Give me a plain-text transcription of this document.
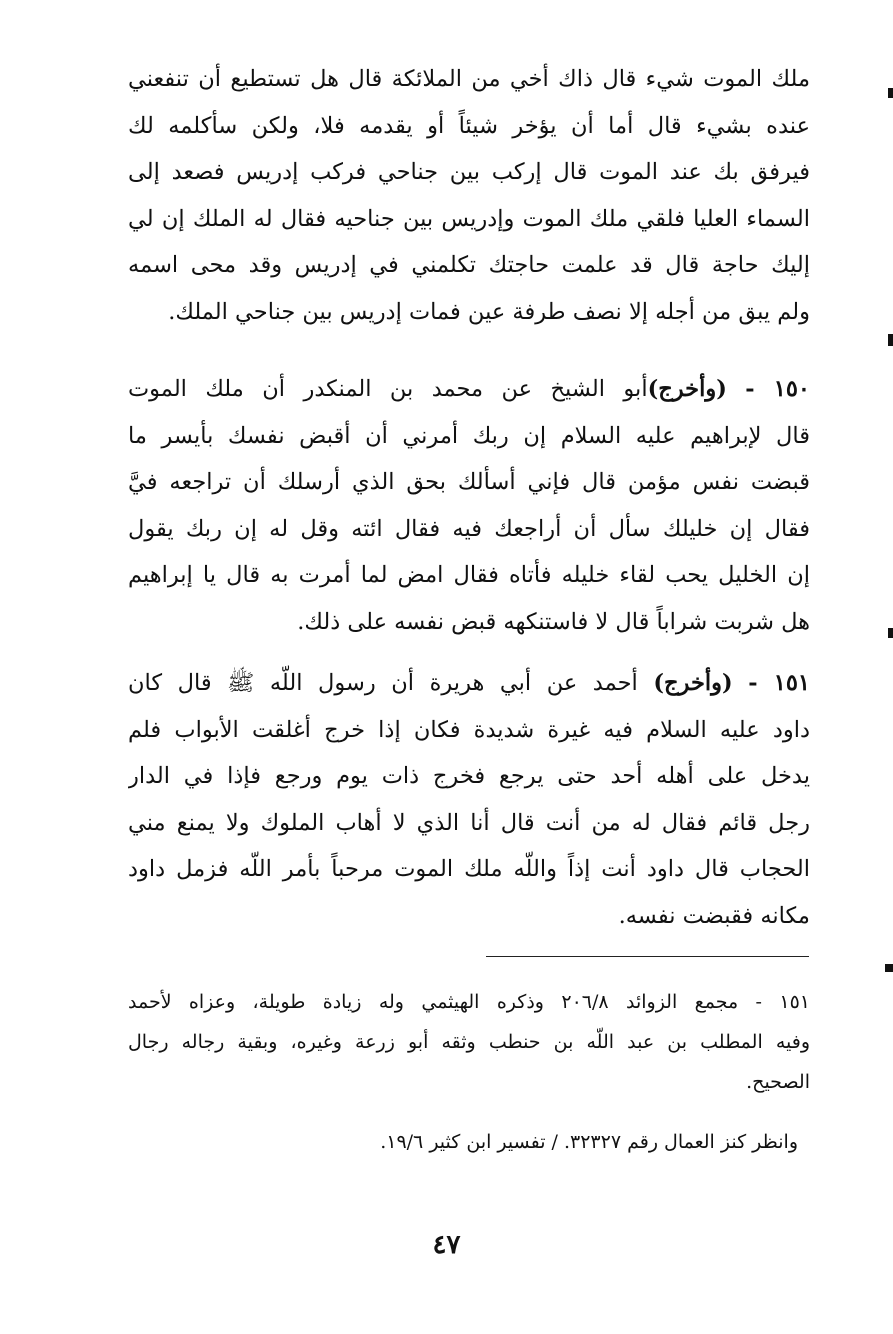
ملك الموت شيء قال ذاك أخي من الملائكة قال هل تستطيع أن تنفعني
عنده بشيء قال أما أن يؤخر شيئاً أو يقدمه فلا، ولكن سأكلمه لك
فيرفق بك عند الموت قال إركب بين جناحي فركب إدريس فصعد إلى
السماء العليا فلقي ملك الموت وإدريس بين جناحيه فقال له الملك إن لي
إليك حاجة قال قد علمت حاجتك تكلمني في إدريس وقد محى اسمه
ولم يبق من أجله إلا نصف طرفة عين فمات إدريس بين جناحي الملك.
١٥٠ - (وأخرج)أبو الشيخ عن محمد بن المنكدر أن ملك الموت
قال لإبراهيم عليه السلام إن ربك أمرني أن أقبض نفسك بأيسر ما
قبضت نفس مؤمن قال فإني أسألك بحق الذي أرسلك أن تراجعه فيَّ
فقال إن خليلك سأل أن أراجعك فيه فقال ائته وقل له إن ربك يقول
إن الخليل يحب لقاء خليله فأتاه فقال امض لما أمرت به قال يا إبراهيم
هل شربت شراباً قال لا فاستنكهه قبض نفسه على ذلك.
١٥١ - (وأخرج) أحمد عن أبي هريرة أن رسول اللّه ﷺ قال كان
داود عليه السلام فيه غيرة شديدة فكان إذا خرج أغلقت الأبواب فلم
يدخل على أهله أحد حتى يرجع فخرج ذات يوم ورجع فإذا في الدار
رجل قائم فقال له من أنت قال أنا الذي لا أهاب الملوك ولا يمنع مني
الحجاب قال داود أنت إذاً واللّه ملك الموت مرحباً بأمر اللّه فزمل داود
مكانه فقبضت نفسه.
١٥١ - مجمع الزوائد ٢٠٦/٨ وذكره الهيثمي وله زيادة طويلة، وعزاه لأحمد
وفيه المطلب بن عبد اللّه بن حنطب وثقه أبو زرعة وغيره، وبقية رجاله رجال
الصحيح.
وانظر كنز العمال رقم ٣٢٣٢٧. / تفسير ابن كثير ١٩/٦.
٤٧
